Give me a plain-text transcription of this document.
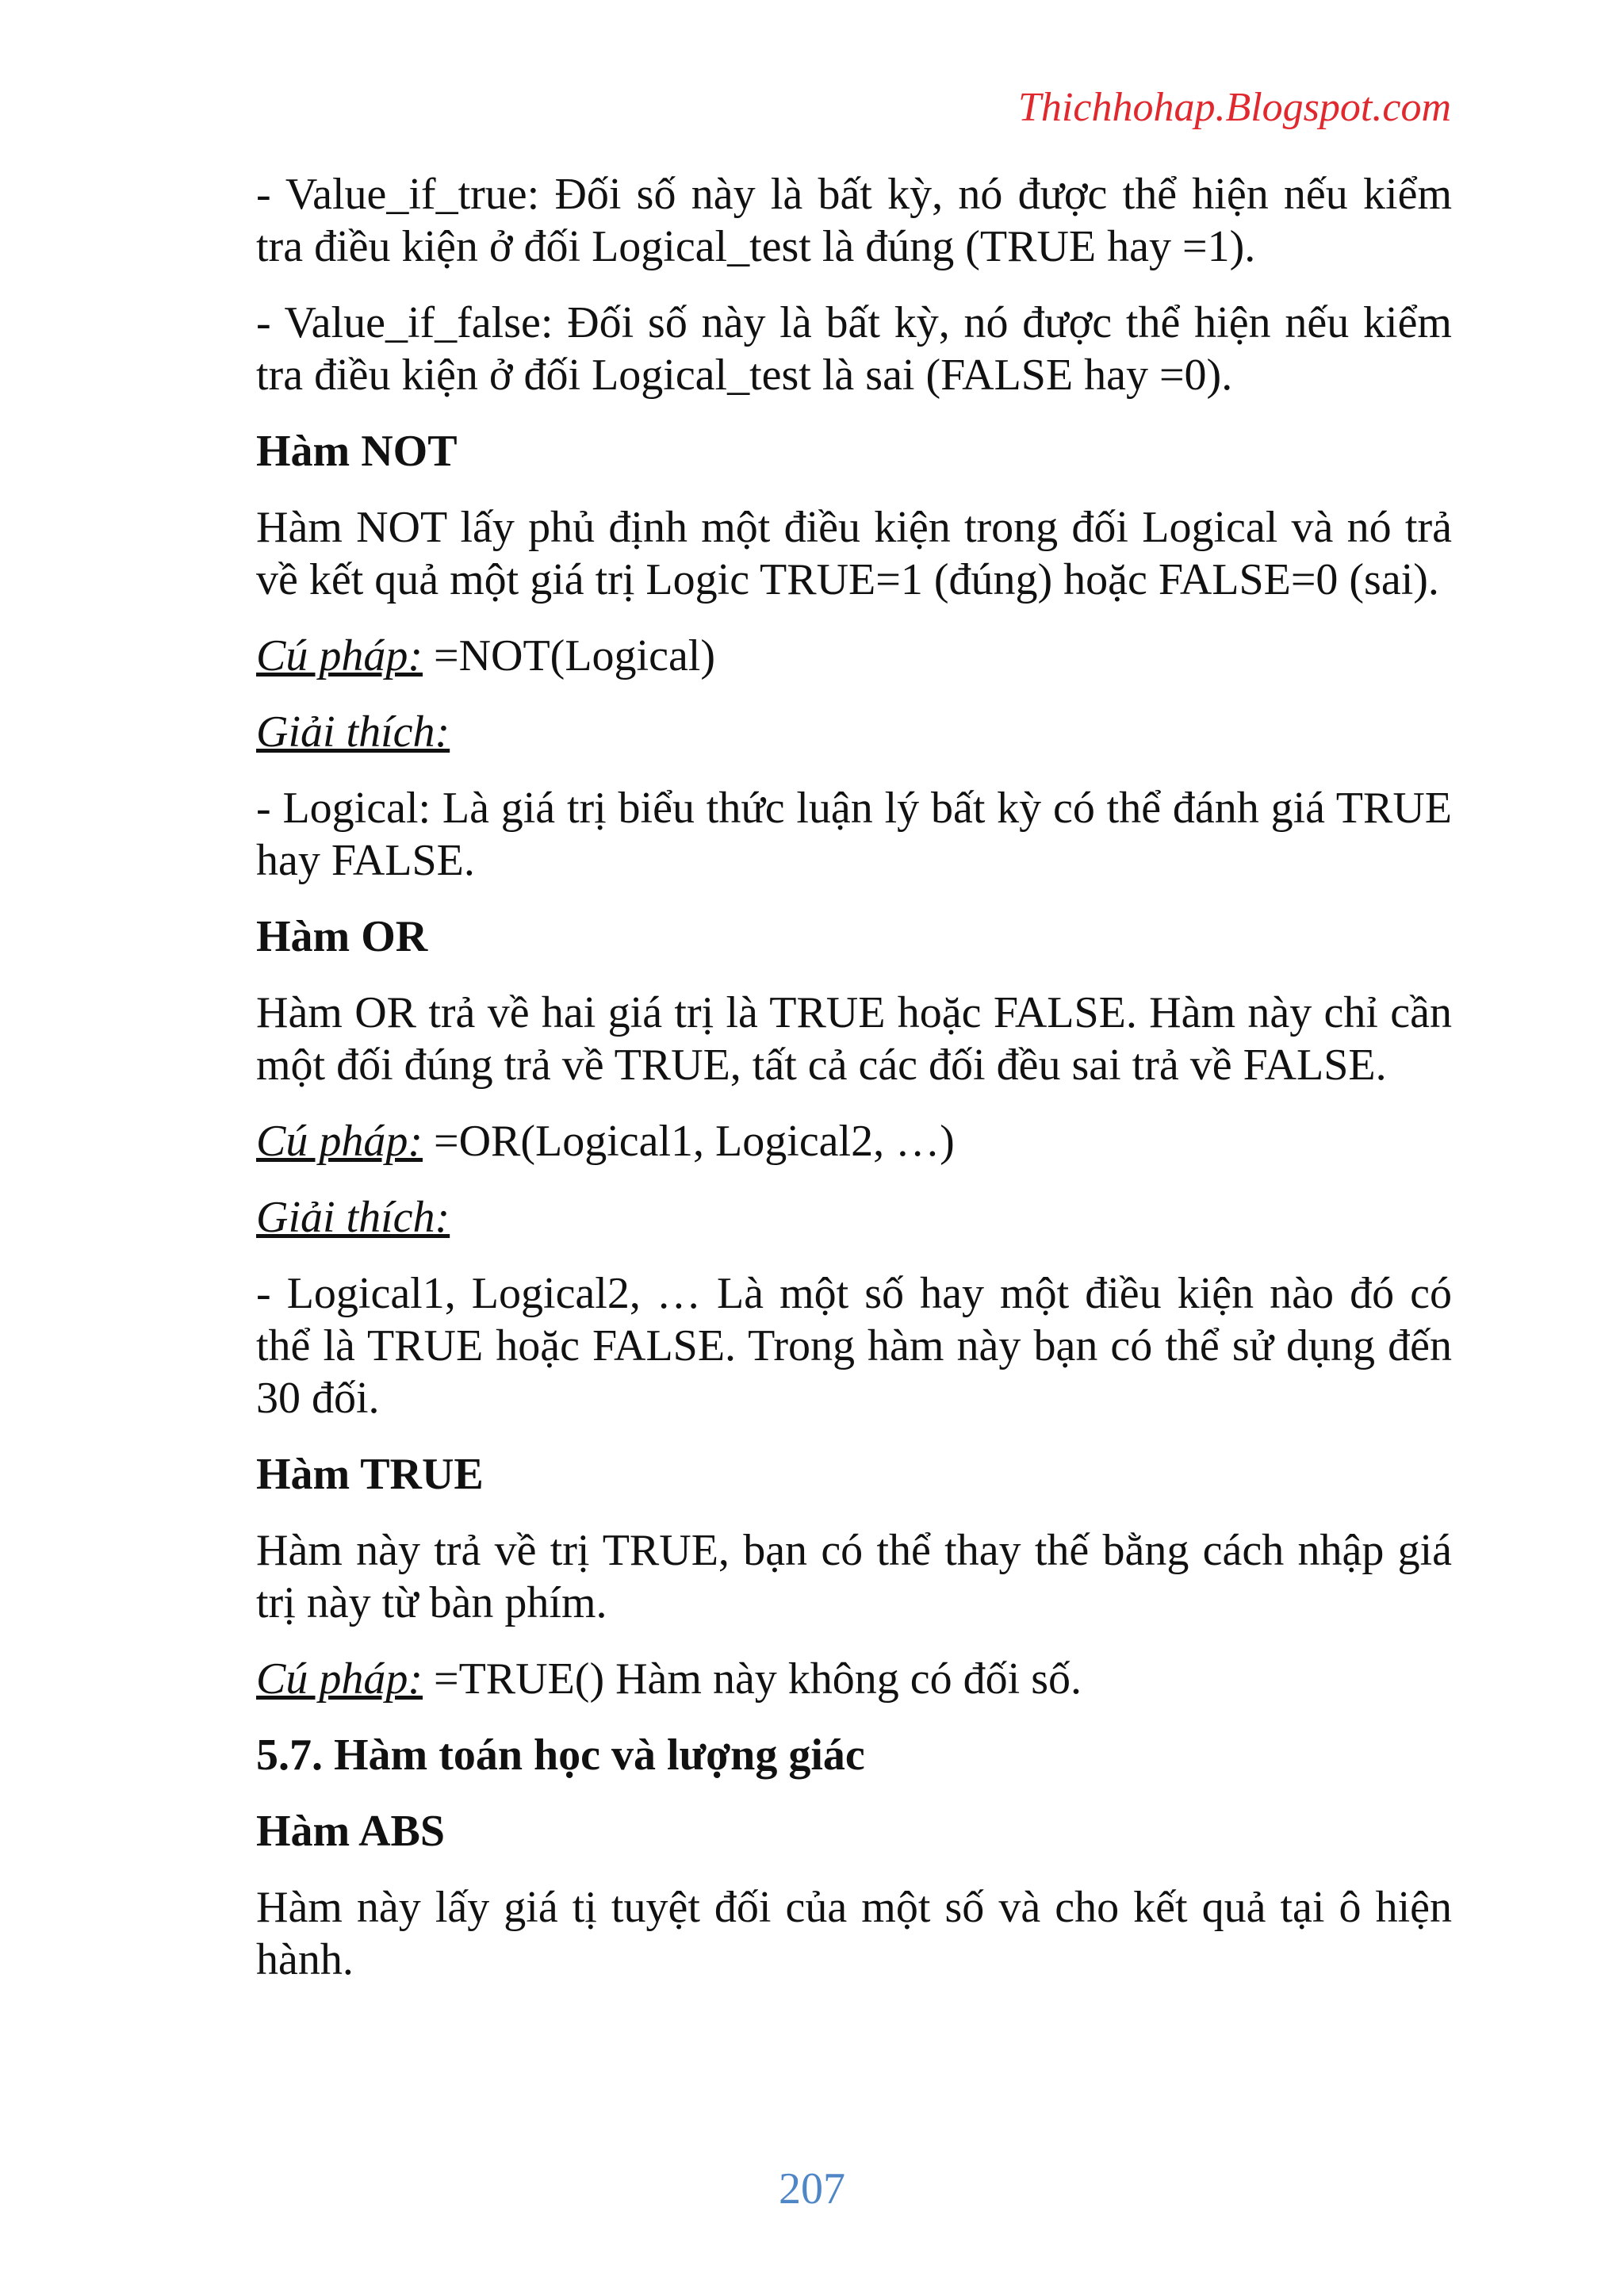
Thichhohap.Blogspot.com

- Value_if_true: Đối số này là bất kỳ, nó được thể hiện nếu kiểm tra điều kiện ở đối Logical_test là đúng (TRUE hay =1).

- Value_if_false: Đối số này là bất kỳ, nó được thể hiện nếu kiểm tra điều kiện ở đối Logical_test là sai (FALSE hay =0).

Hàm NOT

Hàm NOT lấy phủ định một điều kiện trong đối Logical và nó trả về kết quả một giá trị Logic TRUE=1 (đúng) hoặc FALSE=0 (sai).

Cú pháp: =NOT(Logical)

Giải thích:

- Logical: Là giá trị biểu thức luận lý bất kỳ có thể đánh giá TRUE hay FALSE.

Hàm OR

Hàm OR trả về hai giá trị là TRUE hoặc FALSE. Hàm này chỉ cần một đối đúng trả về TRUE, tất cả các đối đều sai trả về FALSE.

Cú pháp: =OR(Logical1, Logical2, …)

Giải thích:

- Logical1, Logical2, … Là một số hay một điều kiện nào đó có thể là TRUE hoặc FALSE. Trong hàm này bạn có thể sử dụng đến 30 đối.

Hàm TRUE

Hàm này trả về trị TRUE, bạn có thể thay thế bằng cách nhập giá trị này từ bàn phím.

Cú pháp: =TRUE() Hàm này không có đối số.

5.7. Hàm toán học và lượng giác
Hàm ABS

Hàm này lấy giá tị tuyệt đối của một số và cho kết quả tại ô hiện hành.

207
